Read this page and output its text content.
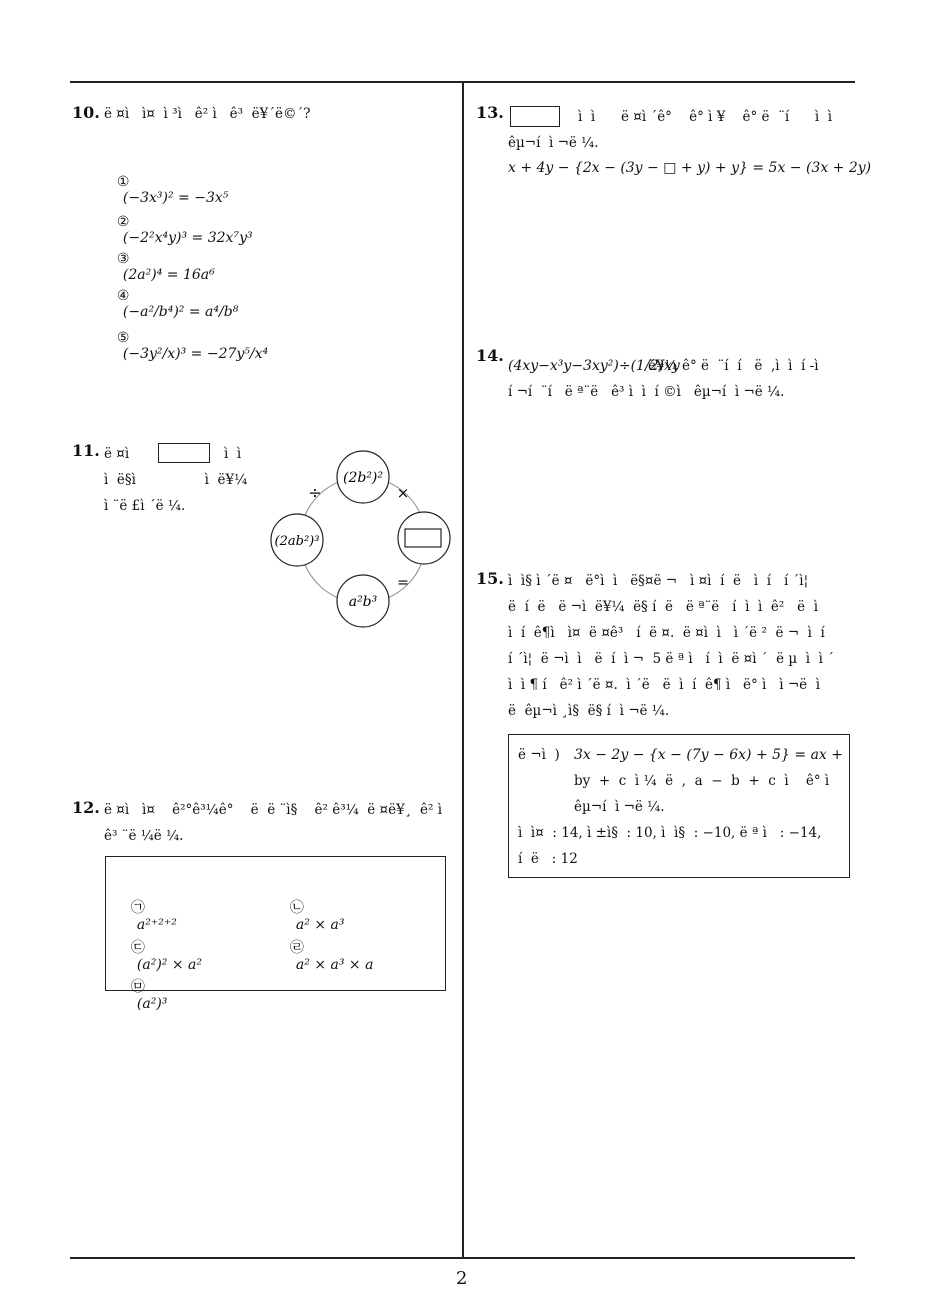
2
10. ë ¤ì   ì¤  ì ³ì   ê² ì   ê³  ë¥´ë©´?

①
(−3x³)² = −3x⁵

②
(−2²x⁴y)³ = 32x⁷y³

③
(2a²)⁴ = 16a⁶

④
(−a²/b⁴)² = a⁴/b⁸

⑤
(−3y²/x)³ = −27y⁵/x⁴

11. ë ¤ì	ì  ì
ì  ë§ì                ì  ë¥¼
ì ¨ë £ì ´ë ¼.
(2b²)²
(2ab²)³
a²b³
÷	×
=
12. ë ¤ì   ì¤    ê²°ê³¼ê°    ë  ë ¨ì§    ê² ê³¼  ë ¤ë¥¸  ê² ì
ê³ ¨ë ¼ë ¼.

㉠
a²⁺²⁺²

㉡
a² × a³

㉢
(a²)² × a²

㉣
a² × a³ × a

㉤
(a²)³

13.	ì  ì      ë ¤ì ´ê°    ê° ì ¥    ê° ë  ¨í      ì  ì
êµ¬í  ì ¬ë ¼.
x + 4y − {2x − (3y − □ + y) + y} = 5x − (3x + 2y)
14.
(4xy−x³y−3xy²)÷(1/2)xy
ë¥¼ ê° ë  ¨í  í   ë  ,ì  ì  í -ì
í ¬í  ¨í   ë ª¨ë   ê³ ì  ì  í ©ì   êµ¬í  ì ¬ë ¼.
15. ì  ì§ ì ´ë ¤   ë°ì  ì   ë§¤ë ¬   ì ¤ì  í  ë   ì  í   í ´ì¦
ë  í  ë   ë ¬ì  ë¥¼  ë§ í  ë   ë ª¨ë   í  ì  ì  ê²   ë  ì
ì  í  ê¶ì   ì¤  ë ¤ê³   í  ë ¤.  ë ¤ì  ì   ì ´ë ²  ë ¬  ì  í
í ´ì¦  ë ¬ì  ì   ë  í  ì ¬  5 ë ª ì   í  ì  ë ¤ì ´  ë µ  ì  ì ´
ì  ì ¶ í   ê² ì ´ë ¤.  ì ´ë   ë  ì  í  ê¶ ì   ë° ì   ì ¬ë  ì
ë  êµ¬ì ¸ì§  ë§ í  ì ¬ë ¼.
ë ¬ì  ) 3x − 2y − {x − (7y − 6x) + 5} = ax +
by  +  c  ì ¼  ë  ,  a  −  b  +  c  ì    ê° ì
êµ¬í  ì ¬ë ¼.
ì  ì¤  : 14, ì ±ì§  : 10, ì  ì§  : −10, ë ª ì   : −14,
í  ë   : 12
